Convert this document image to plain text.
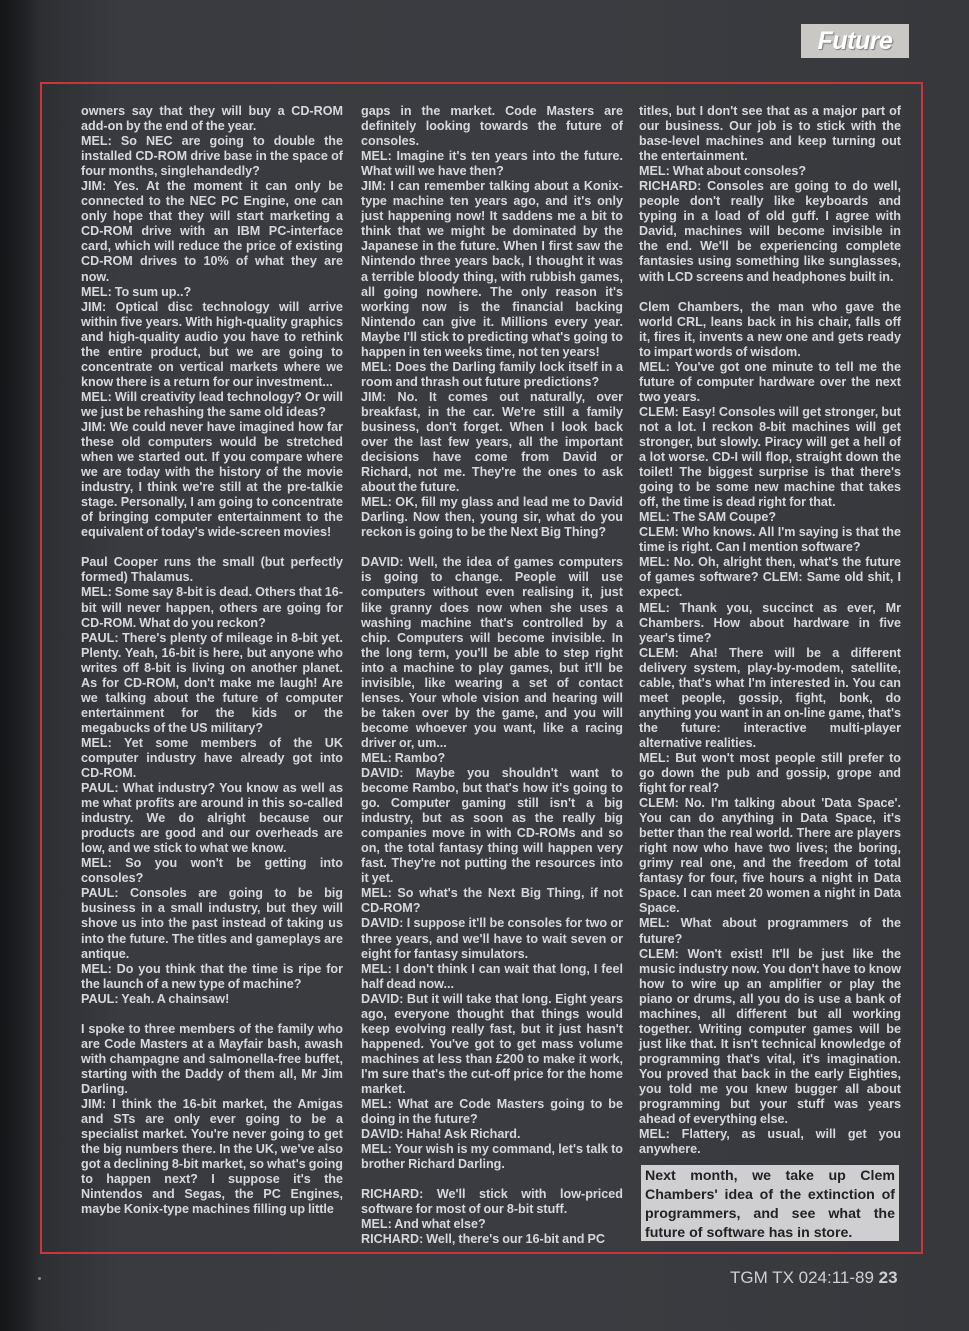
Future

owners say that they will buy a CD-ROM add-on by the end of the year.

MEL: So NEC are going to double the installed CD-ROM drive base in the space of four months, singlehandedly?

JIM: Yes. At the moment it can only be connected to the NEC PC Engine, one can only hope that they will start marketing a CD-ROM drive with an IBM PC-interface card, which will reduce the price of existing CD-ROM drives to 10% of what they are now.

MEL: To sum up..?

JIM: Optical disc technology will arrive within five years. With high-quality graphics and high-quality audio you have to rethink the entire product, but we are going to concentrate on vertical markets where we know there is a return for our investment...

MEL: Will creativity lead technology? Or will we just be rehashing the same old ideas?

JIM: We could never have imagined how far these old computers would be stretched when we started out. If you compare where we are today with the history of the movie industry, I think we're still at the pre-talkie stage. Personally, I am going to concentrate of bringing computer entertainment to the equivalent of today's wide-screen movies!

Paul Cooper runs the small (but perfectly formed) Thalamus.

MEL: Some say 8-bit is dead. Others that 16-bit will never happen, others are going for CD-ROM. What do you reckon?

PAUL: There's plenty of mileage in 8-bit yet. Plenty. Yeah, 16-bit is here, but anyone who writes off 8-bit is living on another planet. As for CD-ROM, don't make me laugh! Are we talking about the future of computer entertainment for the kids or the megabucks of the US military?

MEL: Yet some members of the UK computer industry have already got into CD-ROM.

PAUL: What industry? You know as well as me what profits are around in this so-called industry. We do alright because our products are good and our overheads are low, and we stick to what we know.

MEL: So you won't be getting into consoles?

PAUL: Consoles are going to be big business in a small industry, but they will shove us into the past instead of taking us into the future. The titles and gameplays are antique.

MEL: Do you think that the time is ripe for the launch of a new type of machine?

PAUL: Yeah. A chainsaw!

I spoke to three members of the family who are Code Masters at a Mayfair bash, awash with champagne and salmonella-free buffet, starting with the Daddy of them all, Mr Jim Darling.

JIM: I think the 16-bit market, the Amigas and STs are only ever going to be a specialist market. You're never going to get the big numbers there. In the UK, we've also got a declining 8-bit market, so what's going to happen next? I suppose it's the Nintendos and Segas, the PC Engines, maybe Konix-type machines filling up little

gaps in the market. Code Masters are definitely looking towards the future of consoles.

MEL: Imagine it's ten years into the future. What will we have then?

JIM: I can remember talking about a Konix-type machine ten years ago, and it's only just happening now! It saddens me a bit to think that we might be dominated by the Japanese in the future. When I first saw the Nintendo three years back, I thought it was a terrible bloody thing, with rubbish games, all going nowhere. The only reason it's working now is the financial backing Nintendo can give it. Millions every year. Maybe I'll stick to predicting what's going to happen in ten weeks time, not ten years!

MEL: Does the Darling family lock itself in a room and thrash out future predictions?

JIM: No. It comes out naturally, over breakfast, in the car. We're still a family business, don't forget. When I look back over the last few years, all the important decisions have come from David or Richard, not me. They're the ones to ask about the future.

MEL: OK, fill my glass and lead me to David Darling. Now then, young sir, what do you reckon is going to be the Next Big Thing?

DAVID: Well, the idea of games computers is going to change. People will use computers without even realising it, just like granny does now when she uses a washing machine that's controlled by a chip. Computers will become invisible. In the long term, you'll be able to step right into a machine to play games, but it'll be invisible, like wearing a set of contact lenses. Your whole vision and hearing will be taken over by the game, and you will become whoever you want, like a racing driver or, um...

MEL: Rambo?

DAVID: Maybe you shouldn't want to become Rambo, but that's how it's going to go. Computer gaming still isn't a big industry, but as soon as the really big companies move in with CD-ROMs and so on, the total fantasy thing will happen very fast. They're not putting the resources into it yet.

MEL: So what's the Next Big Thing, if not CD-ROM?

DAVID: I suppose it'll be consoles for two or three years, and we'll have to wait seven or eight for fantasy simulators.

MEL: I don't think I can wait that long, I feel half dead now...

DAVID: But it will take that long. Eight years ago, everyone thought that things would keep evolving really fast, but it just hasn't happened. You've got to get mass volume machines at less than £200 to make it work, I'm sure that's the cut-off price for the home market.

MEL: What are Code Masters going to be doing in the future?

DAVID: Haha! Ask Richard.

MEL: Your wish is my command, let's talk to brother Richard Darling.

RICHARD: We'll stick with low-priced software for most of our 8-bit stuff.

MEL: And what else?

RICHARD: Well, there's our 16-bit and PC

titles, but I don't see that as a major part of our business. Our job is to stick with the base-level machines and keep turning out the entertainment.

MEL: What about consoles?

RICHARD: Consoles are going to do well, people don't really like keyboards and typing in a load of old guff. I agree with David, machines will become invisible in the end. We'll be experiencing complete fantasies using something like sunglasses, with LCD screens and headphones built in.

Clem Chambers, the man who gave the world CRL, leans back in his chair, falls off it, fires it, invents a new one and gets ready to impart words of wisdom.

MEL: You've got one minute to tell me the future of computer hardware over the next two years.

CLEM: Easy! Consoles will get stronger, but not a lot. I reckon 8-bit machines will get stronger, but slowly. Piracy will get a hell of a lot worse. CD-I will flop, straight down the toilet! The biggest surprise is that there's going to be some new machine that takes off, the time is dead right for that.

MEL: The SAM Coupe?

CLEM: Who knows. All I'm saying is that the time is right. Can I mention software?

MEL: No. Oh, alright then, what's the future of games software? CLEM: Same old shit, I expect.

MEL: Thank you, succinct as ever, Mr Chambers. How about hardware in five year's time?

CLEM: Aha! There will be a different delivery system, play-by-modem, satellite, cable, that's what I'm interested in. You can meet people, gossip, fight, bonk, do anything you want in an on-line game, that's the future: interactive multi-player alternative realities.

MEL: But won't most people still prefer to go down the pub and gossip, grope and fight for real?

CLEM: No. I'm talking about 'Data Space'. You can do anything in Data Space, it's better than the real world. There are players right now who have two lives; the boring, grimy real one, and the freedom of total fantasy for four, five hours a night in Data Space. I can meet 20 women a night in Data Space.

MEL: What about programmers of the future?

CLEM: Won't exist! It'll be just like the music industry now. You don't have to know how to wire up an amplifier or play the piano or drums, all you do is use a bank of machines, all different but all working together. Writing computer games will be just like that. It isn't technical knowledge of programming that's vital, it's imagination. You proved that back in the early Eighties, you told me you knew bugger all about programming but your stuff was years ahead of everything else.

MEL: Flattery, as usual, will get you anywhere.

Next month, we take up Clem Chambers' idea of the extinction of programmers, and see what the future of software has in store.
TGM TX 024:11-89 23
